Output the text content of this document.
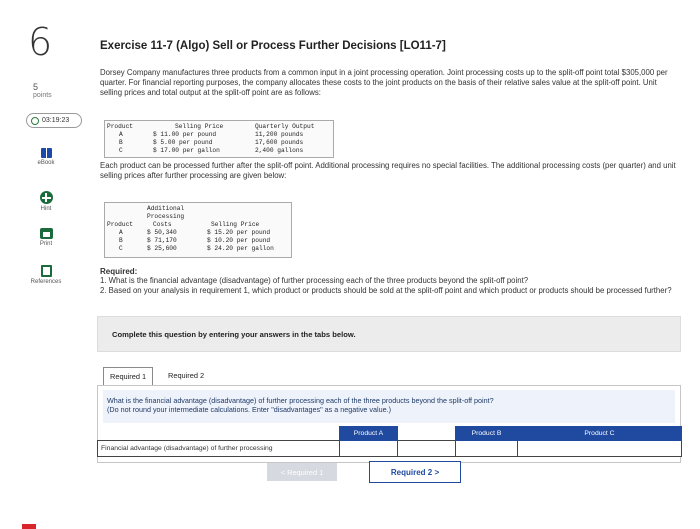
6
5
points
03:19:23
eBook
Hint
Print
References
Exercise 11-7 (Algo) Sell or Process Further Decisions [LO11-7]
Dorsey Company manufactures three products from a common input in a joint processing operation. Joint processing costs up to the split-off point total $305,000 per quarter. For financial reporting purposes, the company allocates these costs to the joint products on the basis of their relative sales value at the split-off point. Unit selling prices and total output at the split-off point are as follows:
Product	Selling Price	Quarterly Output
A	$ 11.00 per pound	11,200 pounds
B	$ 5.00 per pound	17,600 pounds
C	$ 17.00 per gallon	2,400 gallons
Each product can be processed further after the split-off point. Additional processing requires no special facilities. The additional processing costs (per quarter) and unit selling prices after further processing are given below:
Additional
Processing
Product	Costs	Selling Price
A	$ 50,340	$ 15.20 per pound
B	$ 71,170	$ 10.20 per pound
C	$ 25,600	$ 24.20 per gallon
Required:
1. What is the financial advantage (disadvantage) of further processing each of the three products beyond the split-off point?
2. Based on your analysis in requirement 1, which product or products should be sold at the split-off point and which product or products should be processed further?
Complete this question by entering your answers in the tabs below.
Required 1	Required 2
What is the financial advantage (disadvantage) of further processing each of the three products beyond the split-off point?
(Do not round your intermediate calculations. Enter "disadvantages" as a negative value.)
	Product A		Product B	Product C
Financial advantage (disadvantage) of further processing				
< Required 1	Required 2 >
